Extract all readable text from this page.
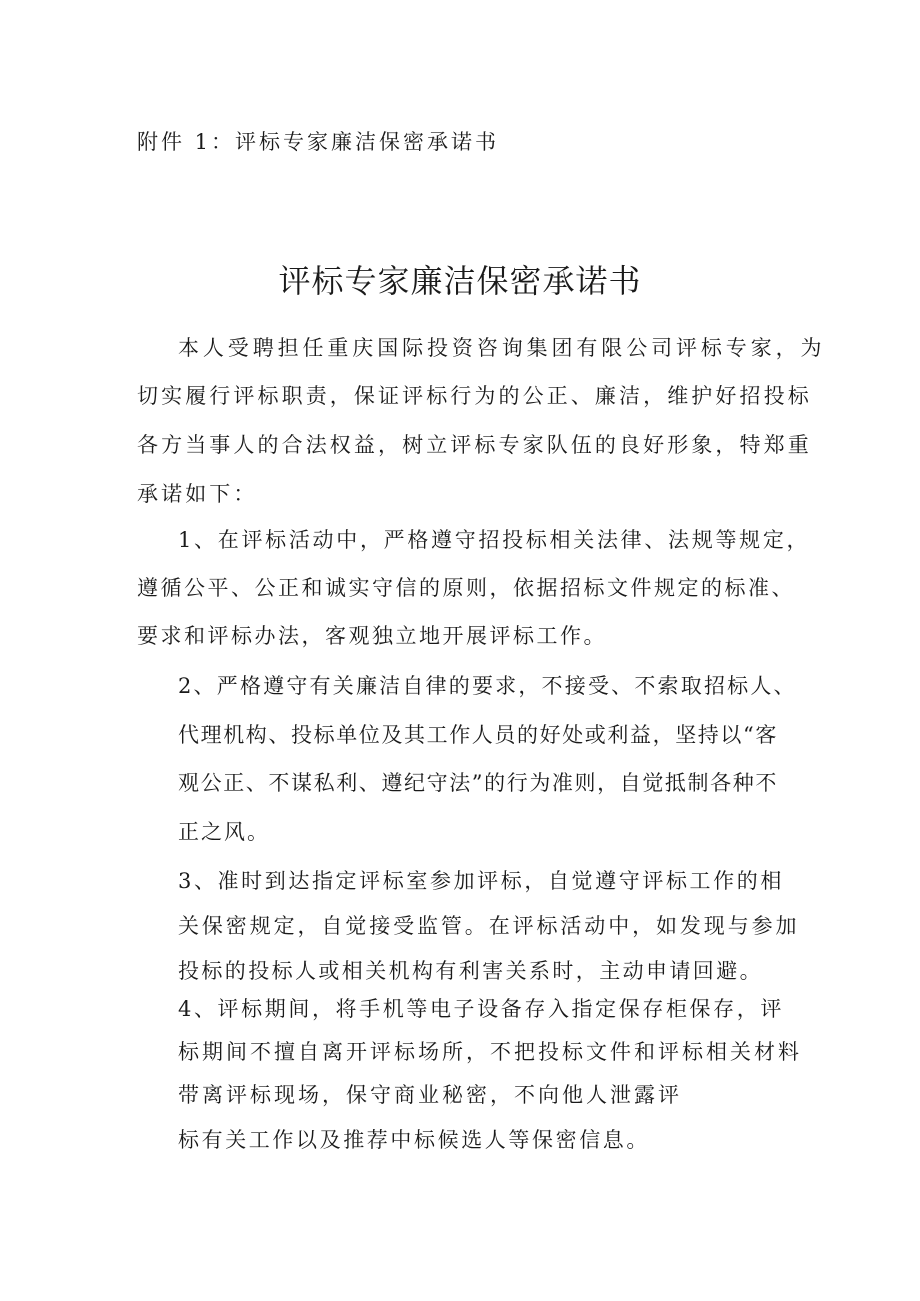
附件 1：评标专家廉洁保密承诺书
评标专家廉洁保密承诺书
本人受聘担任重庆国际投资咨询集团有限公司评标专家，为
切实履行评标职责，保证评标行为的公正、廉洁，维护好招投标
各方当事人的合法权益，树立评标专家队伍的良好形象，特郑重
承诺如下：
1、在评标活动中，严格遵守招投标相关法律、法规等规定，
遵循公平、公正和诚实守信的原则，依据招标文件规定的标准、
要求和评标办法，客观独立地开展评标工作。
2、严格遵守有关廉洁自律的要求，不接受、不索取招标人、
代理机构、投标单位及其工作人员的好处或利益，坚持以“客
观公正、不谋私利、遵纪守法”的行为准则，自觉抵制各种不
正之风。
3、准时到达指定评标室参加评标，自觉遵守评标工作的相
关保密规定，自觉接受监管。在评标活动中，如发现与参加
投标的投标人或相关机构有利害关系时，主动申请回避。
4、评标期间，将手机等电子设备存入指定保存柜保存，评
标期间不擅自离开评标场所，不把投标文件和评标相关材料
带离评标现场，保守商业秘密，不向他人泄露评
标有关工作以及推荐中标候选人等保密信息。
